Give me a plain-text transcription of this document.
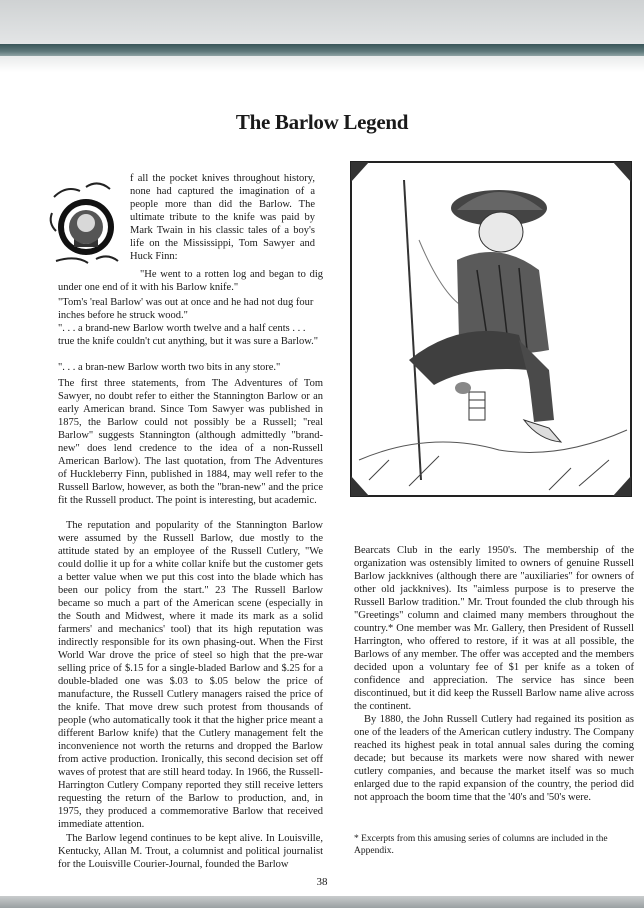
The Barlow Legend
O

f all the pocket knives throughout history, none had captured the imagination of a people more than did the Barlow. The ultimate tribute to the knife was paid by Mark Twain in his classic tales of a boy's life on the Mississippi, Tom Sawyer and Huck Finn:

"He went to a rotten log and began to dig under one end of it with his Barlow knife."

"Tom's 'real Barlow' was out at once and he had not dug four inches before he struck wood."

". . . a brand-new Barlow worth twelve and a half cents . . . true the knife couldn't cut anything, but it was sure a Barlow."

". . . a bran-new Barlow worth two bits in any store."

The first three statements, from The Adventures of Tom Sawyer, no doubt refer to either the Stannington Barlow or an early American brand. Since Tom Sawyer was published in 1875, the Barlow could not possibly be a Russell; "real Barlow" suggests Stannington (although admittedly "brand-new" does lend credence to the idea of a non-Russell American Barlow). The last quotation, from The Adventures of Huckleberry Finn, published in 1884, may well refer to the Russell Barlow, however, as both the "bran-new" and the price fit the Russell product. The point is interesting, but academic.

The reputation and popularity of the Stannington Barlow were assumed by the Russell Barlow, due mostly to the attitude stated by an employee of the Russell Cutlery, "We could dollie it up for a white collar knife but the customer gets a better value when we put this cost into the blade which has been our policy from the start." 23 The Russell Barlow became so much a part of the American scene (especially in the South and Midwest, where it made its mark as a solid farmers' and mechanics' tool) that its high reputation was indirectly responsible for its own phasing-out. When the First World War drove the price of steel so high that the pre-war selling price of $.15 for a single-bladed Barlow and $.25 for a double-bladed one was $.03 to $.05 below the price of manufacture, the Russell Cutlery managers raised the price of the knife. That move drew such protest from thousands of people (who automatically took it that the higher price meant a different Barlow knife) that the Cutlery management felt the inconvenience not worth the returns and dropped the Barlow from active production. Ironically, this second decision set off waves of protest that are still heard today. In 1966, the Russell-Harrington Cutlery Company reported they still receive letters requesting the return of the Barlow to production, and, in 1975, they produced a commemorative Barlow that received immediate attention.

The Barlow legend continues to be kept alive. In Louisville, Kentucky, Allan M. Trout, a columnist and political journalist for the Louisville Courier-Journal, founded the Barlow

Bearcats Club in the early 1950's. The membership of the organization was ostensibly limited to owners of genuine Russell Barlow jackknives (although there are "auxiliaries" for owners of other old jackknives). Its "aimless purpose is to preserve the Russell Barlow tradition." Mr. Trout founded the club through his "Greetings" column and claimed many members throughout the country.* One member was Mr. Gallery, then President of Russell Harrington, who offered to restore, if it was at all possible, the Barlows of any member. The offer was accepted and the members decided upon a voluntary fee of $1 per knife as a token of confidence and appreciation. The service has since been discontinued, but it did keep the Russell Barlow name alive across the continent.

By 1880, the John Russell Cutlery had regained its position as one of the leaders of the American cutlery industry. The Company reached its highest peak in total annual sales during the coming decade; but because its markets were now shared with newer cutlery companies, and because the market itself was so much enlarged due to the rapid expansion of the country, the period did not approach the boom time that the '40's and '50's were.

* Excerpts from this amusing series of columns are included in the Appendix.

38
